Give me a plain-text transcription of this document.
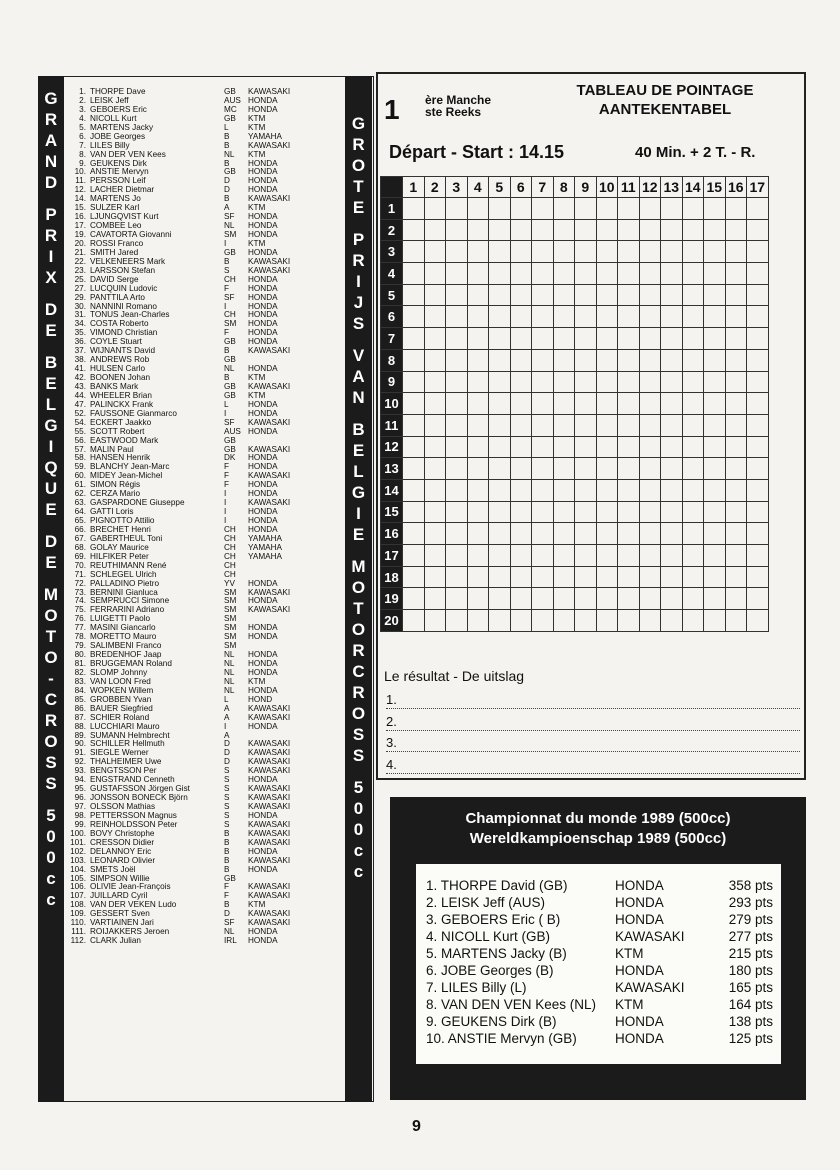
G
R
A
N
D
P
R
I
X
D
E
B
E
L
G
I
Q
U
E
D
E
M
O
T
O
-
C
R
O
S
S
5
0
0
c
c
1. THORPE Dave	GB	KAWASAKI
2. LEISK Jeff	AUS HONDA
3. GEBOERS Eric	MC	HONDA
4. NICOLL Kurt	GB	KTM
5. MARTENS Jacky	L	KTM
6. JOBE Georges	B	YAMAHA
7. LILES Billy	B	KAWASAKI
8. VAN DER VEN Kees	NL	KTM
9. GEUKENS Dirk	B	HONDA
10. ANSTIE Mervyn	GB	HONDA
11. PERSSON Leif	D	HONDA
12. LACHER Dietmar	D	HONDA
14. MARTENS Jo	B	KAWASAKI
15. SULZER Karl	A	KTM
16. LJUNGQVIST Kurt	SF	HONDA
17. COMBEE Leo	NL	HONDA
19. CAVATORTA Giovanni	SM	HONDA
20. ROSSI Franco	I	KTM
21. SMITH Jared	GB	HONDA
22. VELKENEERS Mark	B	KAWASAKI
23. LARSSON Stefan	S	KAWASAKI
25. DAVID Serge	CH	HONDA
27. LUCQUIN Ludovic	F	HONDA
29. PANTTILA Arto	SF	HONDA
30. NANNINI Romano	I	HONDA
31. TONUS Jean-Charles	CH	HONDA
34. COSTA Roberto	SM	HONDA
35. VIMOND Christian	F	HONDA
36. COYLE Stuart	GB	HONDA
37. WIJNANTS David	B	KAWASAKI
38. ANDREWS Rob	GB
41. HULSEN Carlo	NL	HONDA
42. BOONEN Johan	B	KTM
43. BANKS Mark	GB	KAWASAKI
44. WHEELER Brian	GB	KTM
47. PALINCKX Frank	L	HONDA
52. FAUSSONE Gianmarco	I	HONDA
54. ECKERT Jaakko	SF	KAWASAKI
55. SCOTT Robert	AUS HONDA
56. EASTWOOD Mark	GB
57. MALIN Paul	GB	KAWASAKI
58. HANSEN Henrik	DK	HONDA
59. BLANCHY Jean-Marc	F	HONDA
60. MIDEY Jean-Michel	F	KAWASAKI
61. SIMON Régis	F	HONDA
62. CERZA Mario	I	HONDA
63. GASPARDONE Giuseppe	I	KAWASAKI
64. GATTI Loris	I	HONDA
65. PIGNOTTO Attilio	I	HONDA
66. BRECHET Henri	CH	HONDA
67. GABERTHEUL Toni	CH	YAMAHA
68. GOLAY Maurice	CH	YAMAHA
69. HILFIKER Peter	CH	YAMAHA
70. REUTHIMANN René	CH
71. SCHLEGEL Ulrich	CH
72. PALLADINO Pietro	YV	HONDA
73. BERNINI Gianluca	SM	KAWASAKI
74. SEMPRUCCI Simone	SM	HONDA
75. FERRARINI Adriano	SM	KAWASAKI
76. LUIGETTI Paolo	SM
77. MASINI Giancarlo	SM	HONDA
78. MORETTO Mauro	SM	HONDA
79. SALIMBENI Franco	SM
80. BREDENHOF Jaap	NL	HONDA
81. BRUGGEMAN Roland	NL	HONDA
82. SLOMP Johnny	NL	HONDA
83. VAN LOON Fred	NL	KTM
84. WOPKEN Willem	NL	HONDA
85. GROBBEN Yvan	L	HOND
86. BAUER Siegfried	A	KAWASAKI
87. SCHIER Roland	A	KAWASAKI
88. LUCCHIARI Mauro	I	HONDA
89. SUMANN Helmbrecht	A
90. SCHILLER Hellmuth	D	KAWASAKI
91. SIEGLE Werner	D	KAWASAKI
92. THALHEIMER Uwe	D	KAWASAKI
93. BENGTSSON Per	S	KAWASAKI
94. ENGSTRAND Cenneth	S	HONDA
95. GUSTAFSSON Jörgen Gist	S	KAWASAKI
96. JÖNSSON BONECK Björn	S	KAWASAKI
97. OLSSON Mathias	S	KAWASAKI
98. PETTERSSON Magnus	S	HONDA
99. REINHOLDSSON Peter	S	KAWASAKI
100. BOVY Christophe	B	KAWASAKI
101. CRESSON Didier	B	KAWASAKI
102. DELANNOY Eric	B	HONDA
103. LEONARD Olivier	B	KAWASAKI
104. SMETS Joël	B	HONDA
105. SIMPSON Willie	GB
106. OLIVIE Jean-François	F	KAWASAKI
107. JUILLARD Cyril	F	KAWASAKI
108. VAN DER VEKEN Ludo	B	KTM
109. GESSERT Sven	D	KAWASAKI
110. VARTIAINEN Jari	SF	KAWASAKI
111. ROIJAKKERS Jeroen	NL	HONDA
112. CLARK Julian	IRL	HONDA
G
R
O
T
E
P
R
I
J
S
V
A
N
B
E
L
G
I
E
M
O
T
O
R
C
R
O
S
S
5
0
0
c
c
1 ère Manche
ste Reeks
TABLEAU DE POINTAGE
AANTEKENTABEL
Départ - Start : 14.15	40 Min. + 2 T. - R.
	1	2	3	4	5	6	7	8	9	10	11	12	13	14	15	16	17
1																	
2																	
3																	
4																	
5																	
6																	
7																	
8																	
9																	
10																	
11																	
12																	
13																	
14																	
15																	
16																	
17																	
18																	
19																	
20																	
Le résultat - De uitslag
1.
2.
3.
4.
Championnat du monde 1989 (500cc)
Wereldkampioenschap 1989 (500cc)
1. THORPE David (GB)	HONDA	358 pts
2. LEISK Jeff (AUS)	HONDA	293 pts
3. GEBOERS Eric ( B)	HONDA	279 pts
4. NICOLL Kurt (GB)	KAWASAKI	277 pts
5. MARTENS Jacky (B)	KTM	215 pts
6. JOBE Georges (B)	HONDA	180 pts
7. LILES Billy (L)	KAWASAKI	165 pts
8. VAN DEN VEN Kees (NL) KTM	164 pts
9. GEUKENS Dirk (B)	HONDA	138 pts
10. ANSTIE Mervyn (GB)	HONDA	125 pts
9
